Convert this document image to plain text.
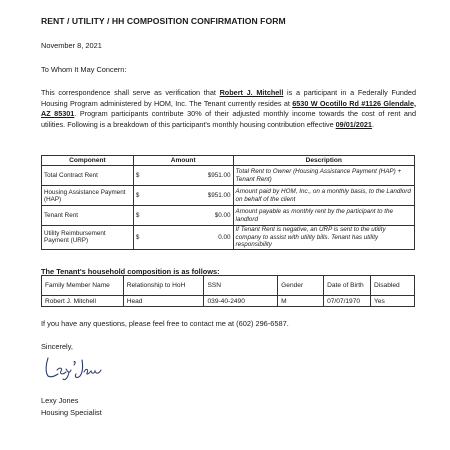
RENT / UTILITY / HH COMPOSITION CONFIRMATION FORM
November 8, 2021
To Whom It May Concern:
This correspondence shall serve as verification that Robert J. Mitchell is a participant in a Federally Funded Housing Program administered by HOM, Inc. The Tenant currently resides at 6530 W Ocotillo Rd #1126 Glendale, AZ 85301. Program participants contribute 30% of their adjusted monthly income towards the cost of rent and utilities. Following is a breakdown of this participant's monthly housing contribution effective 09/01/2021.
Component	Amount	Description
Total Contract Rent	$ $951.00	Total Rent to Owner (Housing Assistance Payment (HAP) + Tenant Rent)
Housing Assistance Payment (HAP)	$ $951.00	Amount paid by HOM, Inc., on a monthly basis, to the Landlord on behalf of the client
Tenant Rent	$ $0.00	Amount payable as monthly rent by the participant to the landlord
Utility Reimbursement Payment (URP)	$ 0.00	If Tenant Rent is negative, an URP is sent to the utility company to assist with utility bills. Tenant has utility responsibility
The Tenant's household composition is as follows:
Family Member Name	Relationship to HoH	SSN	Gender	Date of Birth	Disabled
Robert J. Mitchell	Head	039-40-2490	M	07/07/1970	Yes
If you have any questions, please feel free to contact me at (602) 296-6587.
Sincerely,
Lexy Jones
Housing Specialist
